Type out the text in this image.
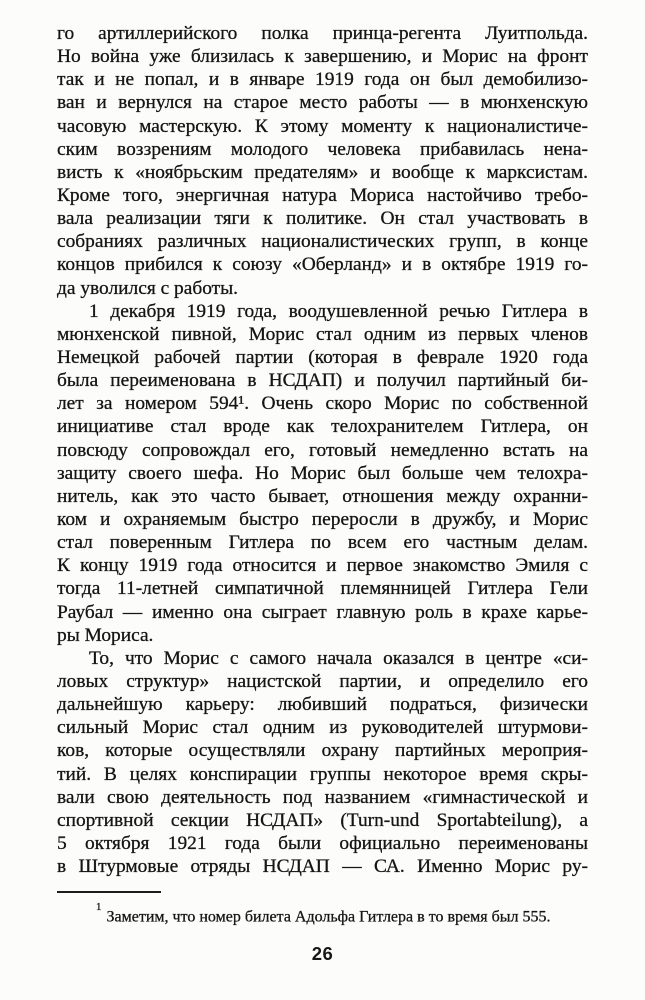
го артиллерийского полка принца-регента Луитпольда.
Но война уже близилась к завершению, и Морис на фронт
так и не попал, и в январе 1919 года он был демобилизо-
ван и вернулся на старое место работы — в мюнхенскую
часовую мастерскую. К этому моменту к националистиче-
ским воззрениям молодого человека прибавилась нена-
висть к «ноябрьским предателям» и вообще к марксистам.
Кроме того, энергичная натура Мориса настойчиво требо-
вала реализации тяги к политике. Он стал участвовать в
собраниях различных националистических групп, в конце
концов прибился к союзу «Оберланд» и в октябре 1919 го-
да уволился с работы.
1 декабря 1919 года, воодушевленной речью Гитлера в
мюнхенской пивной, Морис стал одним из первых членов
Немецкой рабочей партии (которая в феврале 1920 года
была переименована в НСДАП) и получил партийный би-
лет за номером 594¹. Очень скоро Морис по собственной
инициативе стал вроде как телохранителем Гитлера, он
повсюду сопровождал его, готовый немедленно встать на
защиту своего шефа. Но Морис был больше чем телохра-
нитель, как это часто бывает, отношения между охранни-
ком и охраняемым быстро переросли в дружбу, и Морис
стал поверенным Гитлера по всем его частным делам.
К концу 1919 года относится и первое знакомство Эмиля с
тогда 11-летней симпатичной племянницей Гитлера Гели
Раубал — именно она сыграет главную роль в крахе карье-
ры Мориса.
То, что Морис с самого начала оказался в центре «си-
ловых структур» нацистской партии, и определило его
дальнейшую карьеру: любивший подраться, физически
сильный Морис стал одним из руководителей штурмови-
ков, которые осуществляли охрану партийных мероприя-
тий. В целях конспирации группы некоторое время скры-
вали свою деятельность под названием «гимнастической и
спортивной секции НСДАП» (Turn-und Sportabteilung), а
5 октября 1921 года были официально переименованы
в Штурмовые отряды НСДАП — СА. Именно Морис ру-
$^1$Заметим, что номер билета Адольфа Гитлера в то время был 555.
26
